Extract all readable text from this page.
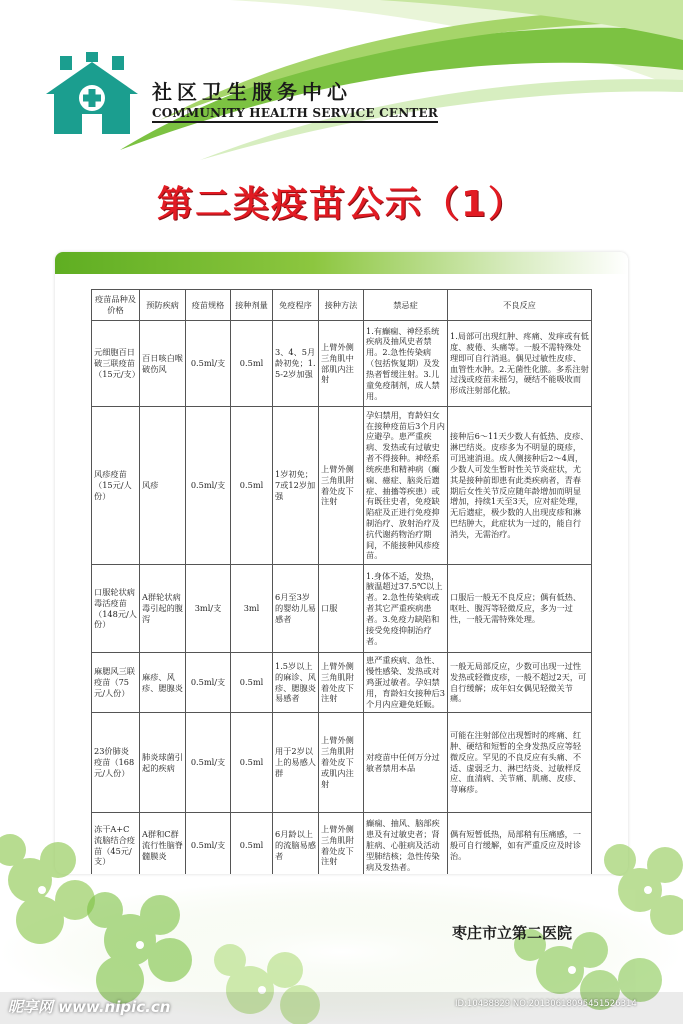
社区卫生服务中心
COMMUNITY HEALTH SERVICE CENTER
第二类疫苗公示（1）
疫苗品种及价格	预防疾病	疫苗规格	接种剂量	免疫程序	接种方法	禁忌症	不良反应
元细胞百日破三联疫苗（15元/支）	百日咳白喉破伤风	0.5ml/支	0.5ml	3、4、5月龄初免；1.5-2岁加强	上臂外侧三角肌中部肌内注射	1.有癫痫、神经系统疾病及抽风史者禁用。2.急性传染病（包括恢复期）及发热者暂缓注射。3.儿童免疫制剂，成人禁用。	1.局部可出现红肿、疼痛、发痒或有低度、疲倦、头痛等。一般不需特殊处理即可自行消退。偶见过敏性皮疹、血管性水肿。2.无菌性化脓。多系注射过浅或疫苗未摇匀，硬结不能吸收而形成注射部化脓。
风疹疫苗（15元/人份）	风疹	0.5ml/支	0.5ml	1岁初免；7或12岁加强	上臂外侧三角肌附着处皮下注射	孕妇禁用，育龄妇女在接种疫苗后3个月内应避孕。患严重疾病、发热或有过敏史者不得接种。神经系统疾患和精神病（癫痫、癔症、脑炎后遗症、抽搐等疾患）或有既往史者，免疫缺陷症及正进行免疫抑制治疗、放射治疗及抗代谢药物治疗期间，不能接种风疹疫苗。	接种后6～11天少数人有低热、皮疹、淋巴结炎。皮疹多为不明显的斑疹，可迅速消退。成人侧接种后2～4周，少数人可发生暂时性关节炎症状，尤其是接种前即患有此类疾病者，青春期后女性关节反应随年龄增加而明显增加，持续1天至3天，应对症处理，无后遗症，极少数的人出现皮疹和淋巴结肿大，此症状为一过的，能自行消失，无需治疗。
口服轮状病毒活疫苗（148元/人份）	A群轮状病毒引起的腹泻	3ml/支	3ml	6月至3岁的婴幼儿易感者	口服	1.身体不适，发热，腋温超过37.5℃以上者。2.急性传染病或者其它严重疾病患者。3.免疫力缺陷和接受免疫抑制治疗者。	口服后一般无不良反应；偶有低热、呕吐、腹泻等轻微反应，多为一过性，一般无需特殊处理。
麻腮风三联疫苗（75元/人份）	麻疹、风疹、腮腺炎	0.5ml/支	0.5ml	1.5岁以上的麻诊、风疹、腮腺炎易感者	上臂外侧三角肌附着处皮下注射	患严重疾病、急性、慢性感染、发热或对鸡蛋过敏者。孕妇禁用，育龄妇女接种后3个月内应避免妊娠。	一般无局部反应，少数可出现一过性发热或轻微皮疹，一般不超过2天，可自行缓解；成年妇女偶见轻微关节痛。
23价肺炎疫苗（168元/人份）	肺炎球菌引起的疾病	0.5ml/支	0.5ml	用于2岁以上的易感人群	上臂外侧三角肌附着处皮下或肌内注射	对疫苗中任何万分过敏者禁用本品	可能在注射部位出现暂时的疼痛、红肿、硬结和短暂的全身发热反应等轻微反应。罕见的不良反应有头痛、不适、虚弱乏力、淋巴结炎、过敏样反应、血清病、关节痛、肌痛、皮疹、荨麻疹。
冻干A+C流脑结合疫苗（45元/支）	A群和C群流行性脑脊髓膜炎	0.5ml/支	0.5ml	6月龄以上的流脑易感者	上臂外侧三角肌附着处皮下注射	癫痫、抽风、脑部疾患及有过敏史者；肾脏病、心脏病及活动型肺结核；急性传染病及发热者。	偶有短暂低热，局部稍有压痛感，一般可自行缓解，如有严重反应及时诊治。
枣庄市立第二医院
昵享网 www.nipic.cn	ID:10438829 NO:20130618095451526314
